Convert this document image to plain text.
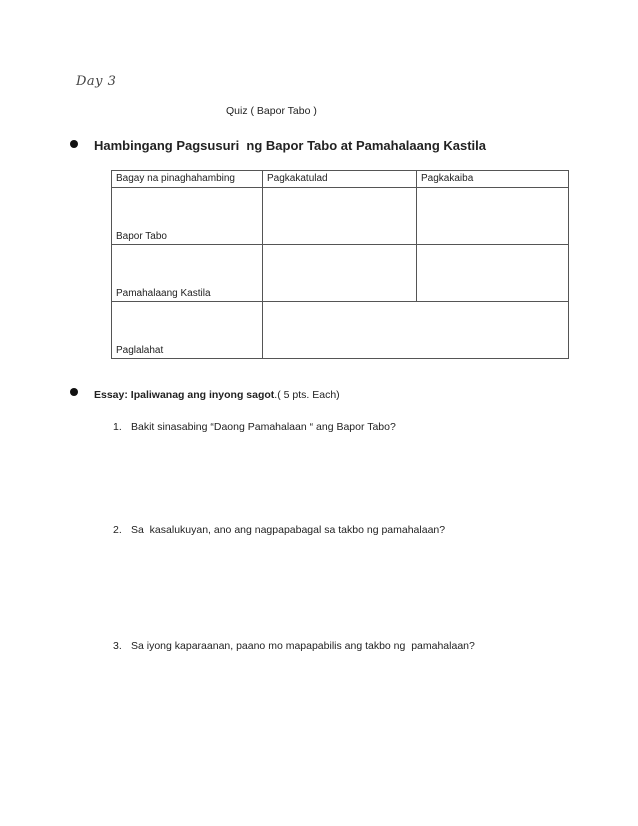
Day 3
Quiz ( Bapor Tabo )
Hambingang Pagsusuri  ng Bapor Tabo at Pamahalaang Kastila
Bagay na pinaghahambing	Pagkakatulad	Pagkakaiba
Bapor Tabo		
Pamahalaang Kastila		
Paglalahat		
Essay: Ipaliwanag ang inyong sagot.( 5 pts. Each)
1. Bakit sinasabing “Daong Pamahalaan “ ang Bapor Tabo?
2. Sa  kasalukuyan, ano ang nagpapabagal sa takbo ng pamahalaan?
3. Sa iyong kaparaanan, paano mo mapapabilis ang takbo ng  pamahalaan?
